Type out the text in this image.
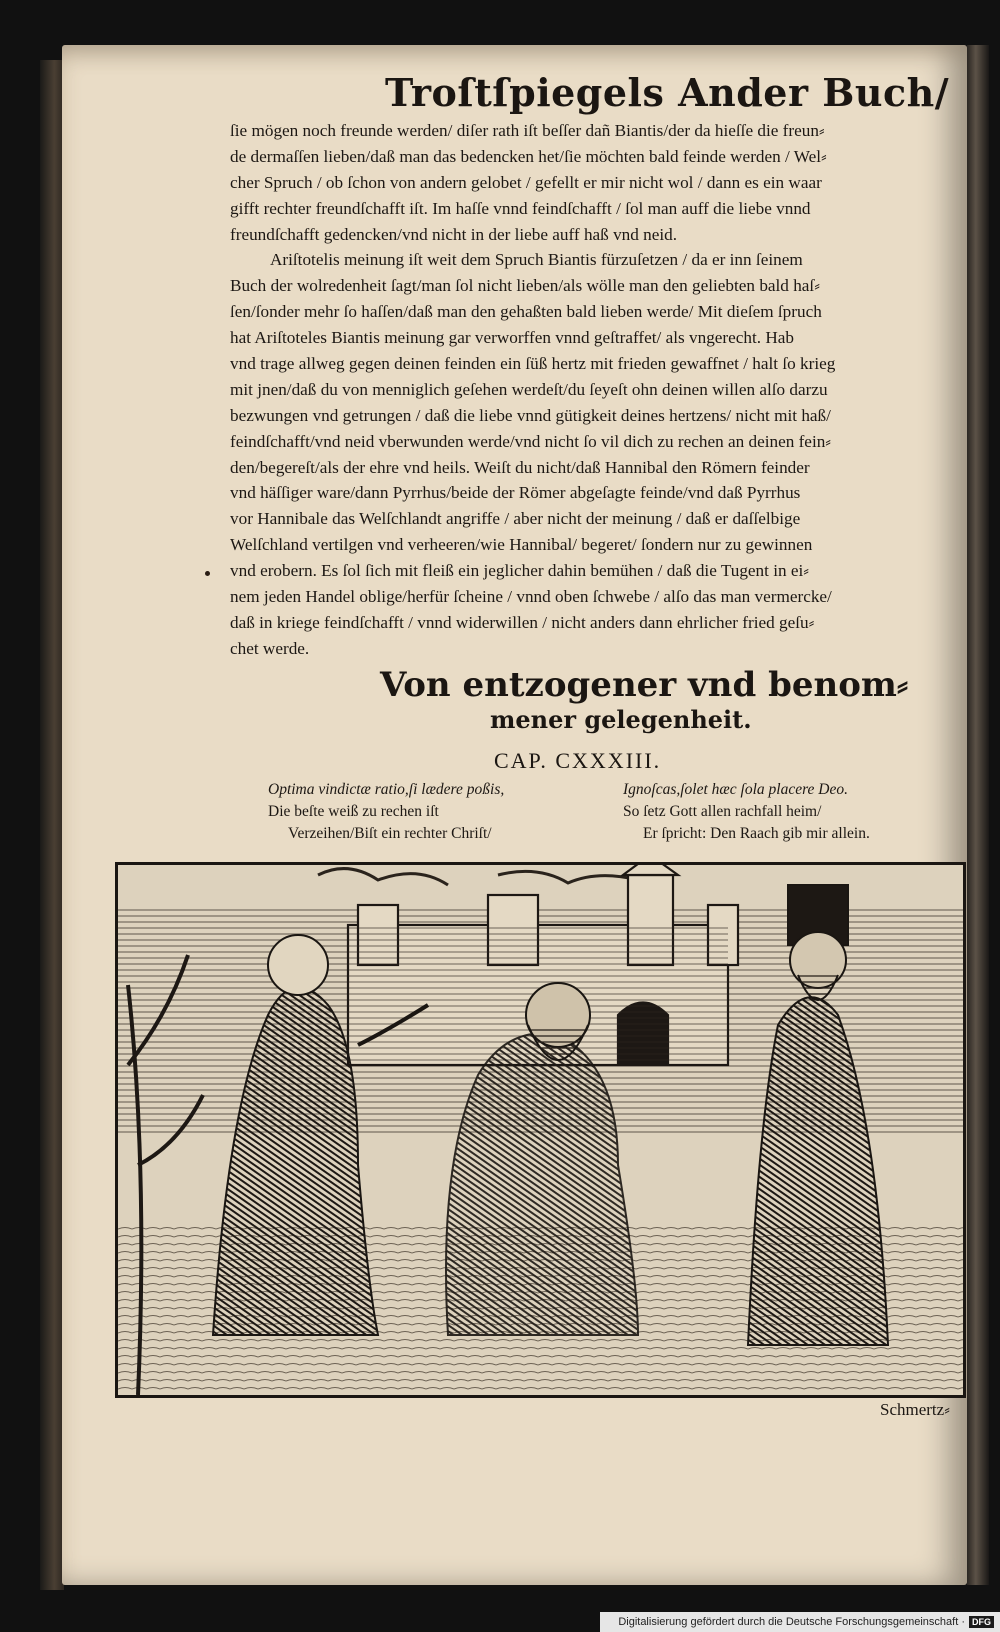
Troſtſpiegels Ander Buch/
ſie mögen noch freunde werden/ diſer rath iſt beſſer dañ Biantis/der da hieſſe die freun⸗
de dermaſſen lieben/daß man das bedencken het/ſie möchten bald feinde werden / Wel⸗
cher Spruch / ob ſchon von andern gelobet / gefellt er mir nicht wol / dann es ein waar
gifft rechter freundſchafft iſt. Im haſſe vnnd feindſchafft / ſol man auff die liebe vnnd
freundſchafft gedencken/vnd nicht in der liebe auff haß vnd neid.
Ariſtotelis meinung iſt weit dem Spruch Biantis fürzuſetzen / da er inn ſeinem
Buch der wolredenheit ſagt/man ſol nicht lieben/als wölle man den geliebten bald haſ⸗
ſen/ſonder mehr ſo haſſen/daß man den gehaßten bald lieben werde/ Mit dieſem ſpruch
hat Ariſtoteles Biantis meinung gar verworffen vnnd geſtraffet/ als vngerecht. Hab
vnd trage allweg gegen deinen feinden ein ſüß hertz mit frieden gewaffnet / halt ſo krieg
mit jnen/daß du von menniglich geſehen werdeſt/du ſeyeſt ohn deinen willen alſo darzu
bezwungen vnd getrungen / daß die liebe vnnd gütigkeit deines hertzens/ nicht mit haß/
feindſchafft/vnd neid vberwunden werde/vnd nicht ſo vil dich zu rechen an deinen fein⸗
den/begereſt/als der ehre vnd heils. Weiſt du nicht/daß Hannibal den Römern feinder
vnd häſſiger ware/dann Pyrrhus/beide der Römer abgeſagte feinde/vnd daß Pyrrhus
vor Hannibale das Welſchlandt angriffe / aber nicht der meinung / daß er daſſelbige
Welſchland vertilgen vnd verheeren/wie Hannibal/ begeret/ ſondern nur zu gewinnen
vnd erobern. Es ſol ſich mit fleiß ein jeglicher dahin bemühen / daß die Tugent in ei⸗
nem jeden Handel oblige/herfür ſcheine / vnnd oben ſchwebe / alſo das man vermercke/
daß in kriege feindſchafft / vnnd widerwillen / nicht anders dann ehrlicher fried geſu⸗
chet werde.
Von entzogener vnd benom⸗
mener gelegenheit.
CAP. CXXXIII.
Optima vindictæ ratio,ſi lædere poßis,
Die beſte weiß zu rechen iſt
Verzeihen/Biſt ein rechter Chriſt/
Ignoſcas,ſolet hæc ſola placere Deo.
So ſetz Gott allen rachfall heim/
Er ſpricht: Den Raach gib mir allein.
Schmertz⸗
Digitalisierung gefördert durch die Deutsche Forschungsgemeinschaft · DFG
